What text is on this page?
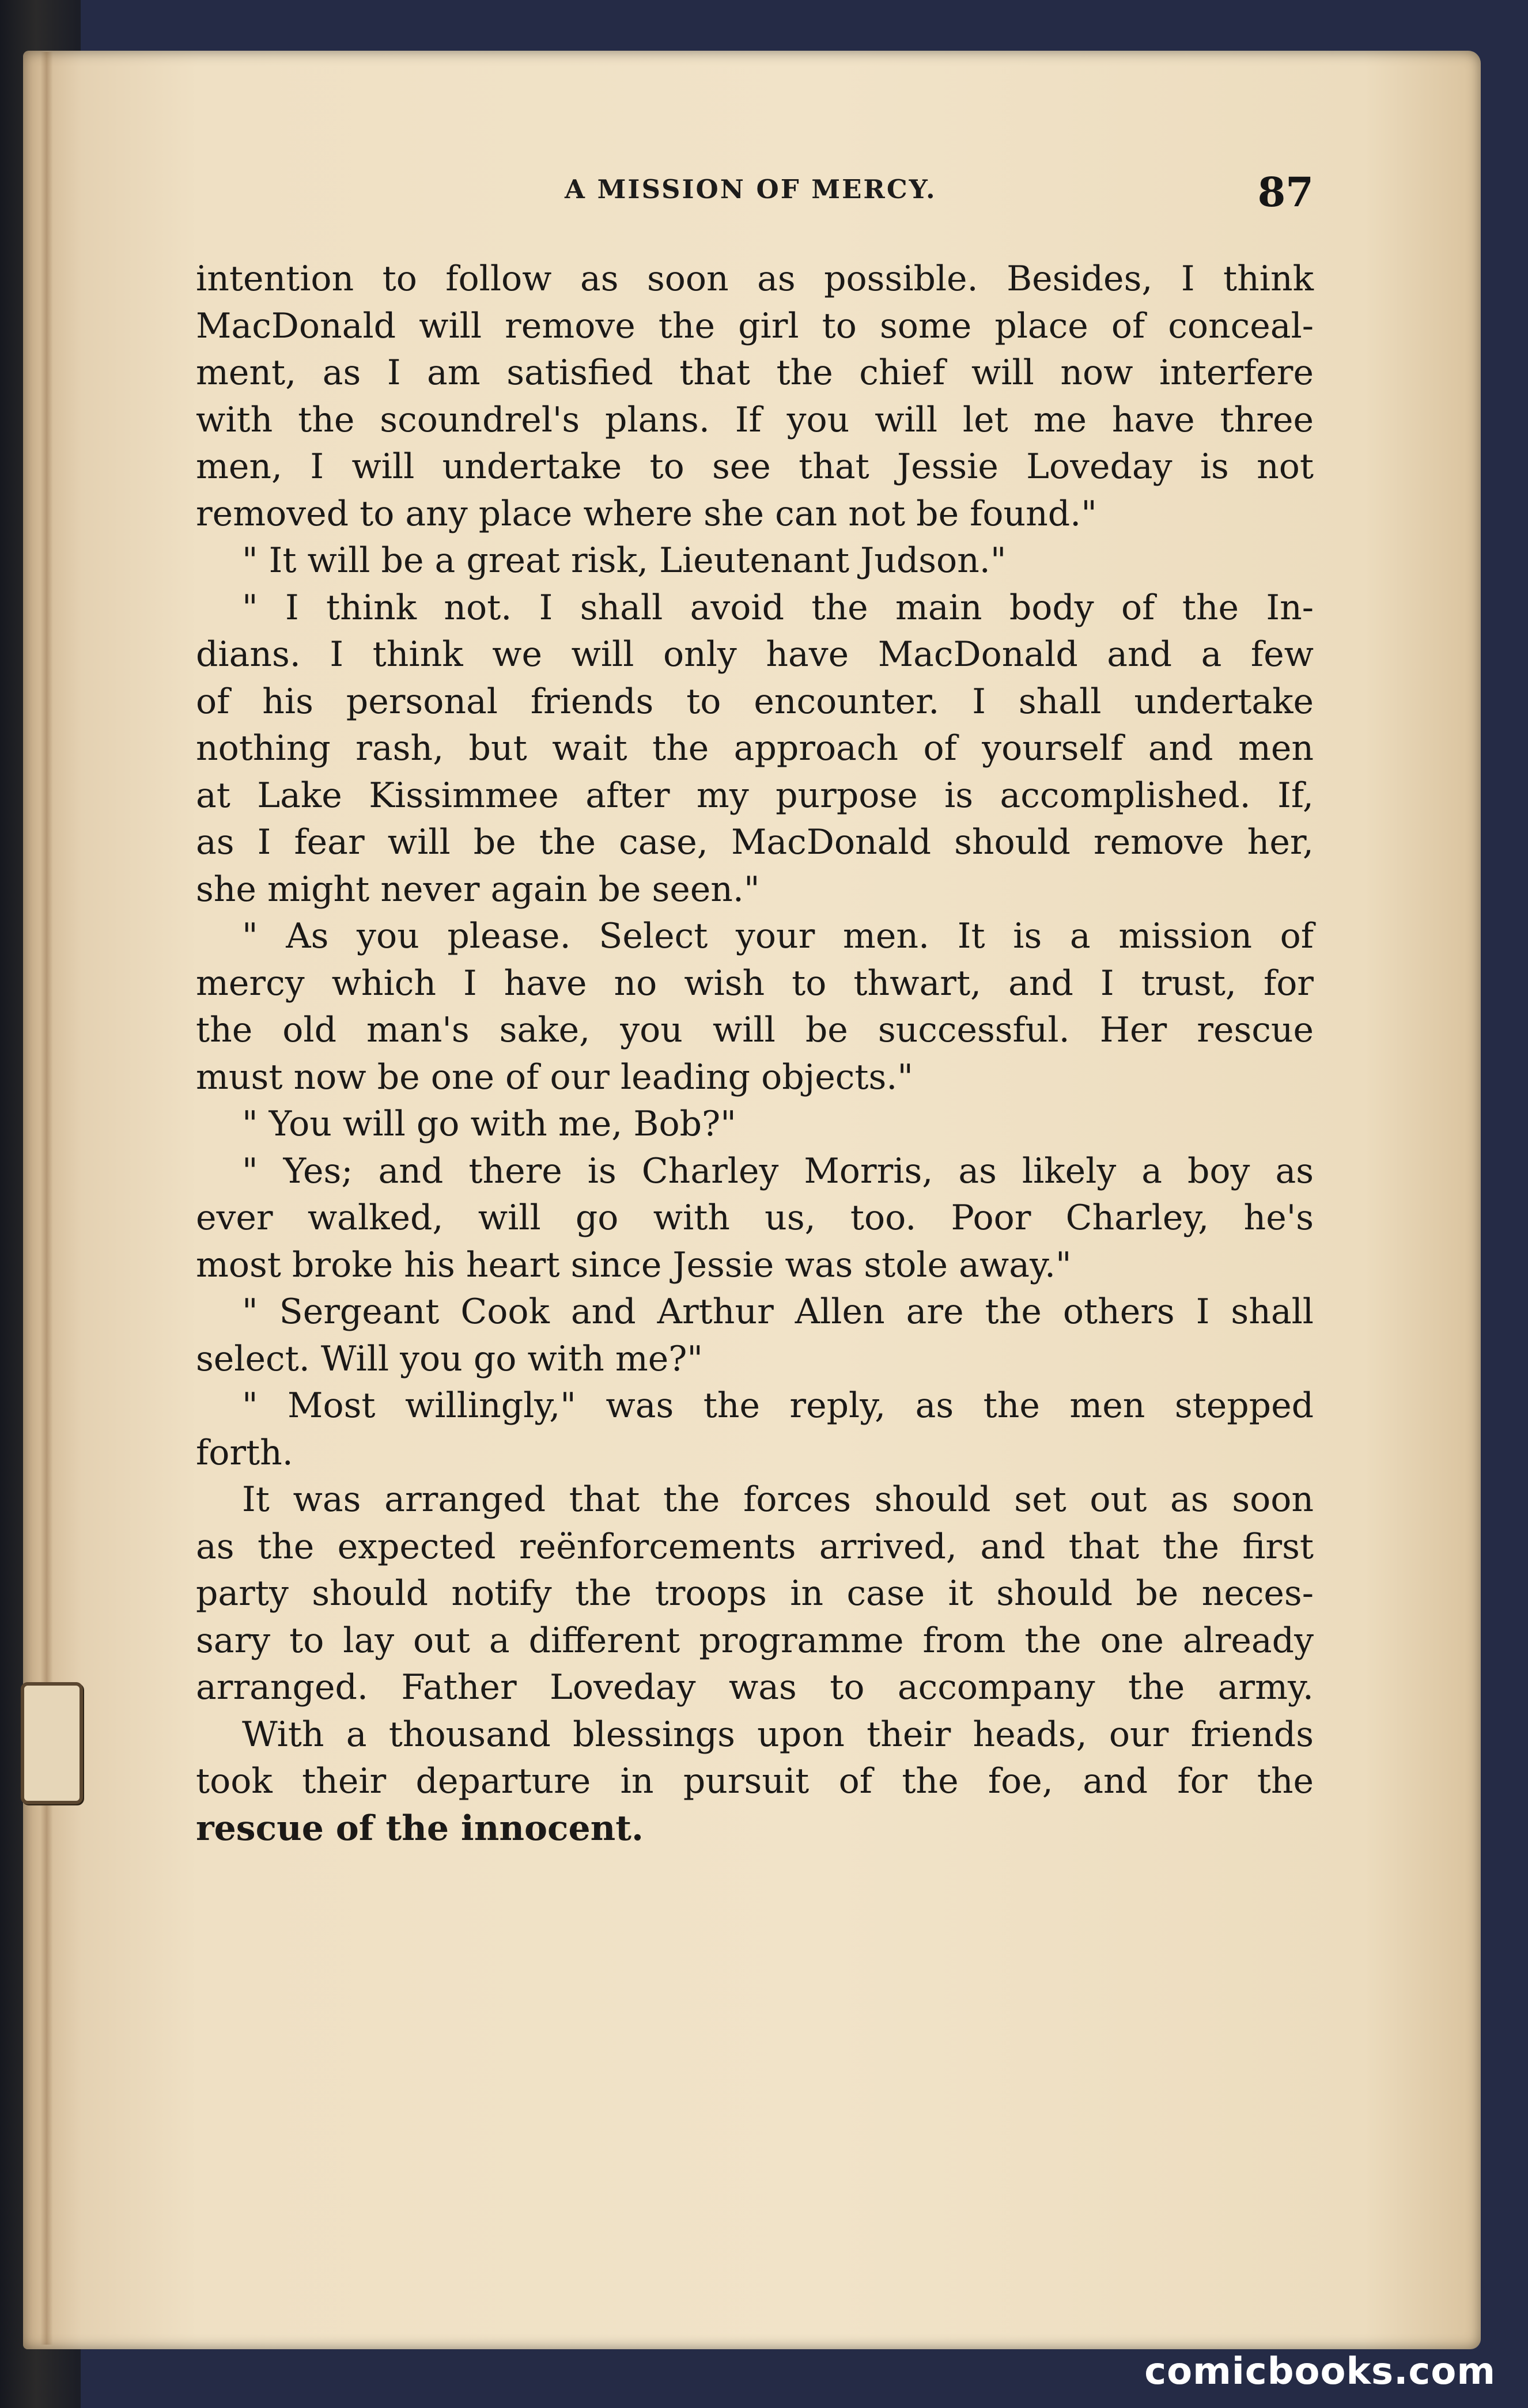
A MISSION OF MERCY.	87
intention to follow as soon as possible. Besides, I think
MacDonald will remove the girl to some place of conceal-
ment, as I am satisfied that the chief will now interfere
with the scoundrel's plans. If you will let me have three
men, I will undertake to see that Jessie Loveday is not
removed to any place where she can not be found."
" It will be a great risk, Lieutenant Judson."
" I think not. I shall avoid the main body of the In-
dians. I think we will only have MacDonald and a few
of his personal friends to encounter. I shall undertake
nothing rash, but wait the approach of yourself and men
at Lake Kissimmee after my purpose is accomplished. If,
as I fear will be the case, MacDonald should remove her,
she might never again be seen."
" As you please. Select your men. It is a mission of
mercy which I have no wish to thwart, and I trust, for
the old man's sake, you will be successful. Her rescue
must now be one of our leading objects."
" You will go with me, Bob?"
" Yes; and there is Charley Morris, as likely a boy as
ever walked, will go with us, too. Poor Charley, he's
most broke his heart since Jessie was stole away."
" Sergeant Cook and Arthur Allen are the others I shall
select. Will you go with me?"
" Most willingly," was the reply, as the men stepped
forth.
It was arranged that the forces should set out as soon
as the expected reënforcements arrived, and that the first
party should notify the troops in case it should be neces-
sary to lay out a different programme from the one already
arranged. Father Loveday was to accompany the army.
With a thousand blessings upon their heads, our friends
took their departure in pursuit of the foe, and for the
rescue of the innocent.

comicbooks.com
